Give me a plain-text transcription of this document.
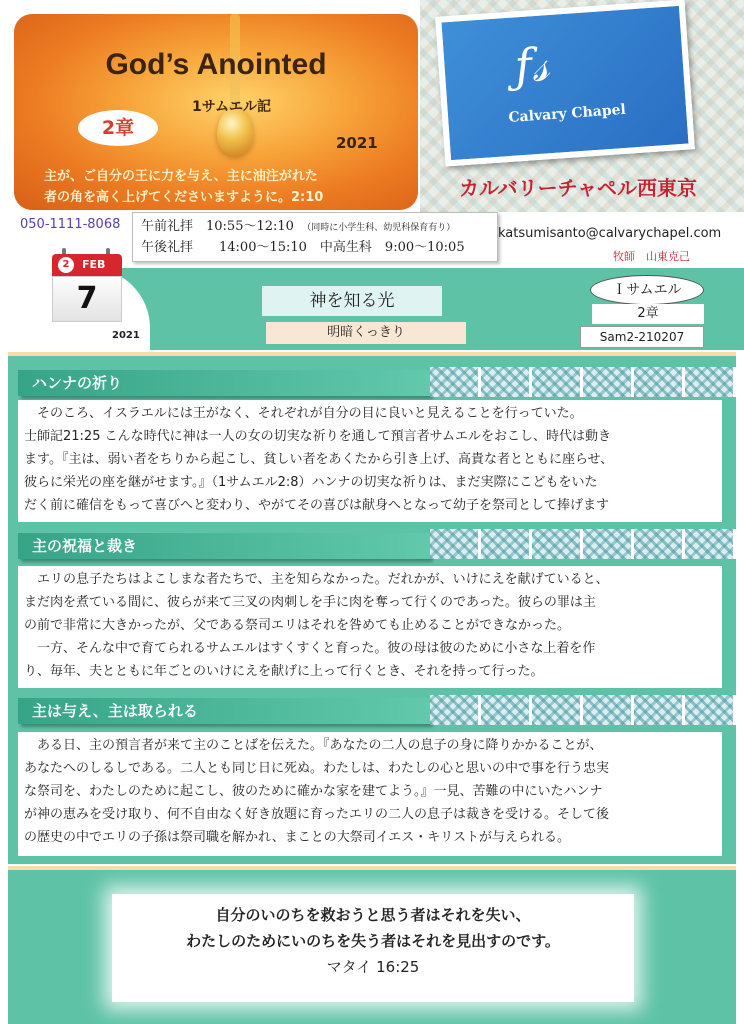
God’s Anointed
1サムエル記
2章
2021
主が、ご自分の王に力を与え、主に油注がれた
者の角を高く上げてくださいますように。2:10
ƒ𝓈
Calvary Chapel
カルバリーチャペル西東京
050-1111-8068 午前礼拝　10:55～12:10 （同時に小学生科、幼児科保育有り）
午後礼拝　　14:00～15:10　中高生科　9:00～10:05
katsumisanto@calvarychapel.com
牧師　山東克己
2	FEB
7
2021
神を知る光
明暗くっきり
Ｉサムエル
2章
Sam2-210207
ハンナの祈り
　そのころ、イスラエルには王がなく、それぞれが自分の目に良いと見えることを行っていた。
士師記21:25 こんな時代に神は一人の女の切実な祈りを通して預言者サムエルをおこし、時代は動き
ます。『主は、弱い者をちりから起こし、貧しい者をあくたから引き上げ、高貴な者とともに座らせ、
彼らに栄光の座を継がせます。』（1サムエル2:8）ハンナの切実な祈りは、まだ実際にこどもをいた
だく前に確信をもって喜びへと変わり、やがてその喜びは献身へとなって幼子を祭司として捧げます
主の祝福と裁き
　エリの息子たちはよこしまな者たちで、主を知らなかった。だれかが、いけにえを献げていると、
まだ肉を煮ている間に、彼らが来て三叉の肉刺しを手に肉を奪って行くのであった。彼らの罪は主
の前で非常に大きかったが、父である祭司エリはそれを咎めても止めることができなかった。
　一方、そんな中で育てられるサムエルはすくすくと育った。彼の母は彼のために小さな上着を作
り、毎年、夫とともに年ごとのいけにえを献げに上って行くとき、それを持って行った。
主は与え、主は取られる
　ある日、主の預言者が来て主のことばを伝えた。『あなたの二人の息子の身に降りかかることが、
あなたへのしるしである。二人とも同じ日に死ぬ。わたしは、わたしの心と思いの中で事を行う忠実
な祭司を、わたしのために起こし、彼のために確かな家を建てよう。』一見、苦難の中にいたハンナ
が神の恵みを受け取り、何不自由なく好き放題に育ったエリの二人の息子は裁きを受ける。そして後
の歴史の中でエリの子孫は祭司職を解かれ、まことの大祭司イエス・キリストが与えられる。
自分のいのちを救おうと思う者はそれを失い、
わたしのためにいのちを失う者はそれを見出すのです。
マタイ 16:25
